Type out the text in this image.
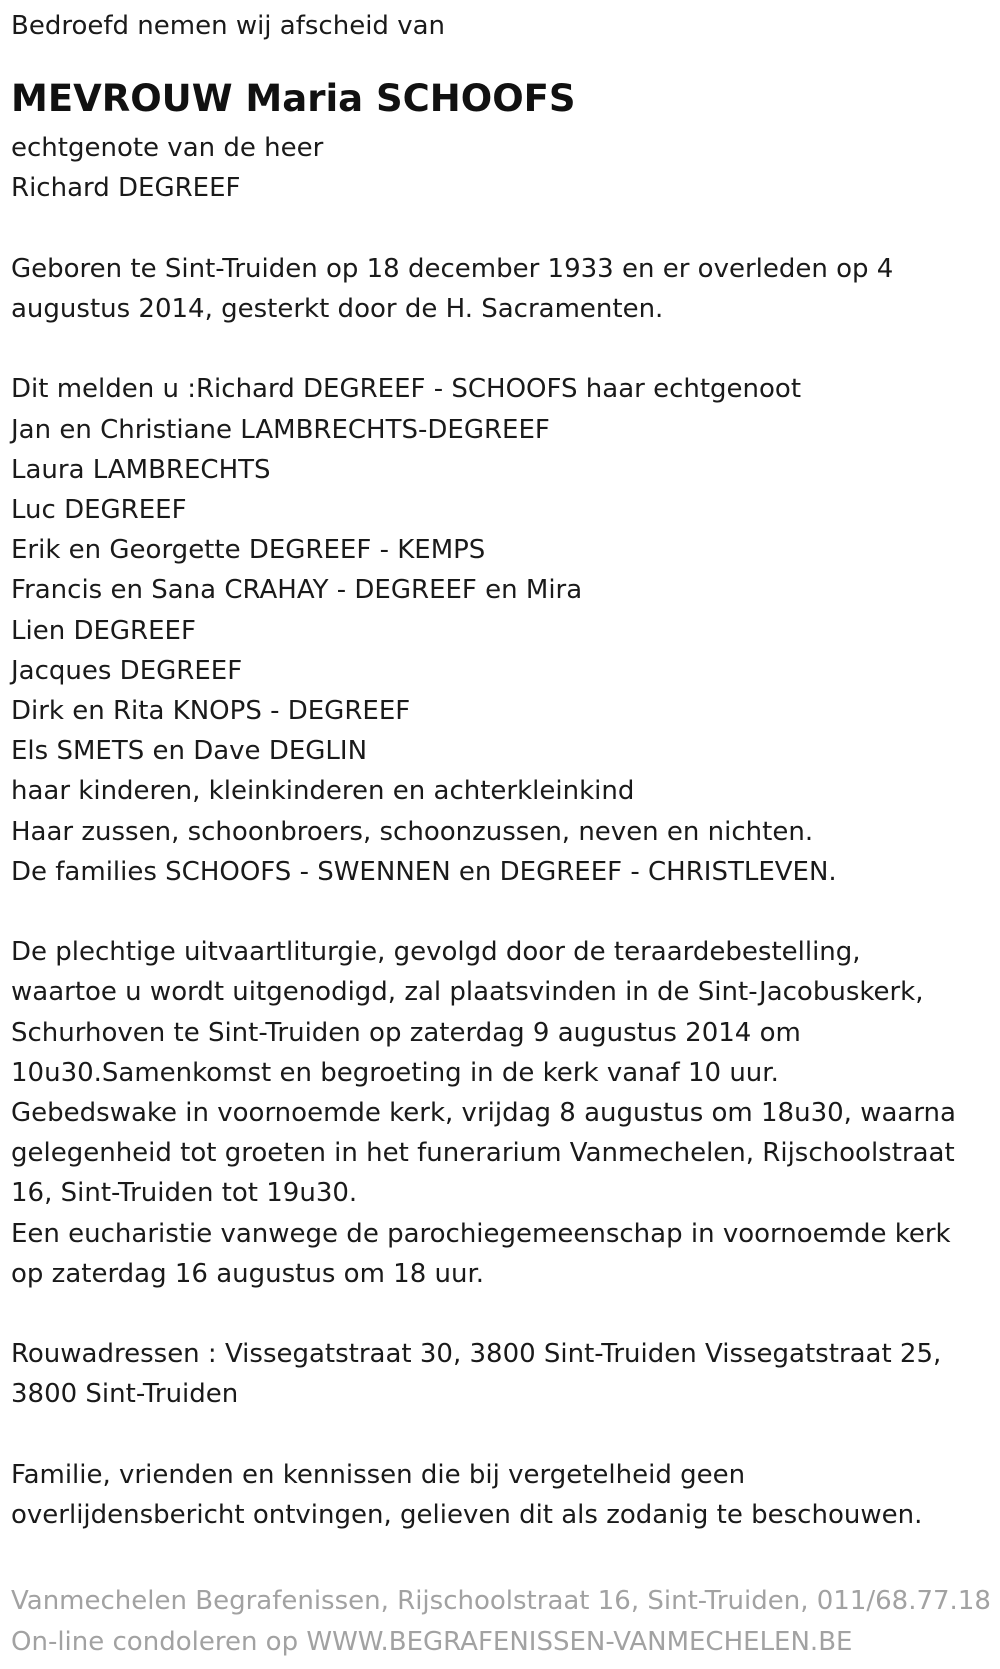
Bedroefd nemen wij afscheid van
MEVROUW Maria SCHOOFS
echtgenote van de heer
Richard DEGREEF
Geboren te Sint-Truiden op 18 december 1933 en er overleden op 4
augustus 2014, gesterkt door de H. Sacramenten.
Dit melden u :Richard DEGREEF - SCHOOFS haar echtgenoot
Jan en Christiane LAMBRECHTS-DEGREEF
Laura LAMBRECHTS
Luc DEGREEF
Erik en Georgette DEGREEF - KEMPS
Francis en Sana CRAHAY - DEGREEF en Mira
Lien DEGREEF
Jacques DEGREEF
Dirk en Rita KNOPS - DEGREEF
Els SMETS en Dave DEGLIN
haar kinderen, kleinkinderen en achterkleinkind
Haar zussen, schoonbroers, schoonzussen, neven en nichten.
De families SCHOOFS - SWENNEN en DEGREEF - CHRISTLEVEN.
De plechtige uitvaartliturgie, gevolgd door de teraardebestelling,
waartoe u wordt uitgenodigd, zal plaatsvinden in de Sint-Jacobuskerk,
Schurhoven te Sint-Truiden op zaterdag 9 augustus 2014 om
10u30.Samenkomst en begroeting in de kerk vanaf 10 uur.
Gebedswake in voornoemde kerk, vrijdag 8 augustus om 18u30, waarna
gelegenheid tot groeten in het funerarium Vanmechelen, Rijschoolstraat
16, Sint-Truiden tot 19u30.
Een eucharistie vanwege de parochiegemeenschap in voornoemde kerk
op zaterdag 16 augustus om 18 uur.
Rouwadressen : Vissegatstraat 30, 3800 Sint-Truiden Vissegatstraat 25,
3800 Sint-Truiden
Familie, vrienden en kennissen die bij vergetelheid geen
overlijdensbericht ontvingen, gelieven dit als zodanig te beschouwen.
Vanmechelen Begrafenissen, Rijschoolstraat 16, Sint-Truiden, 011/68.77.18
On-line condoleren op WWW.BEGRAFENISSEN-VANMECHELEN.BE
